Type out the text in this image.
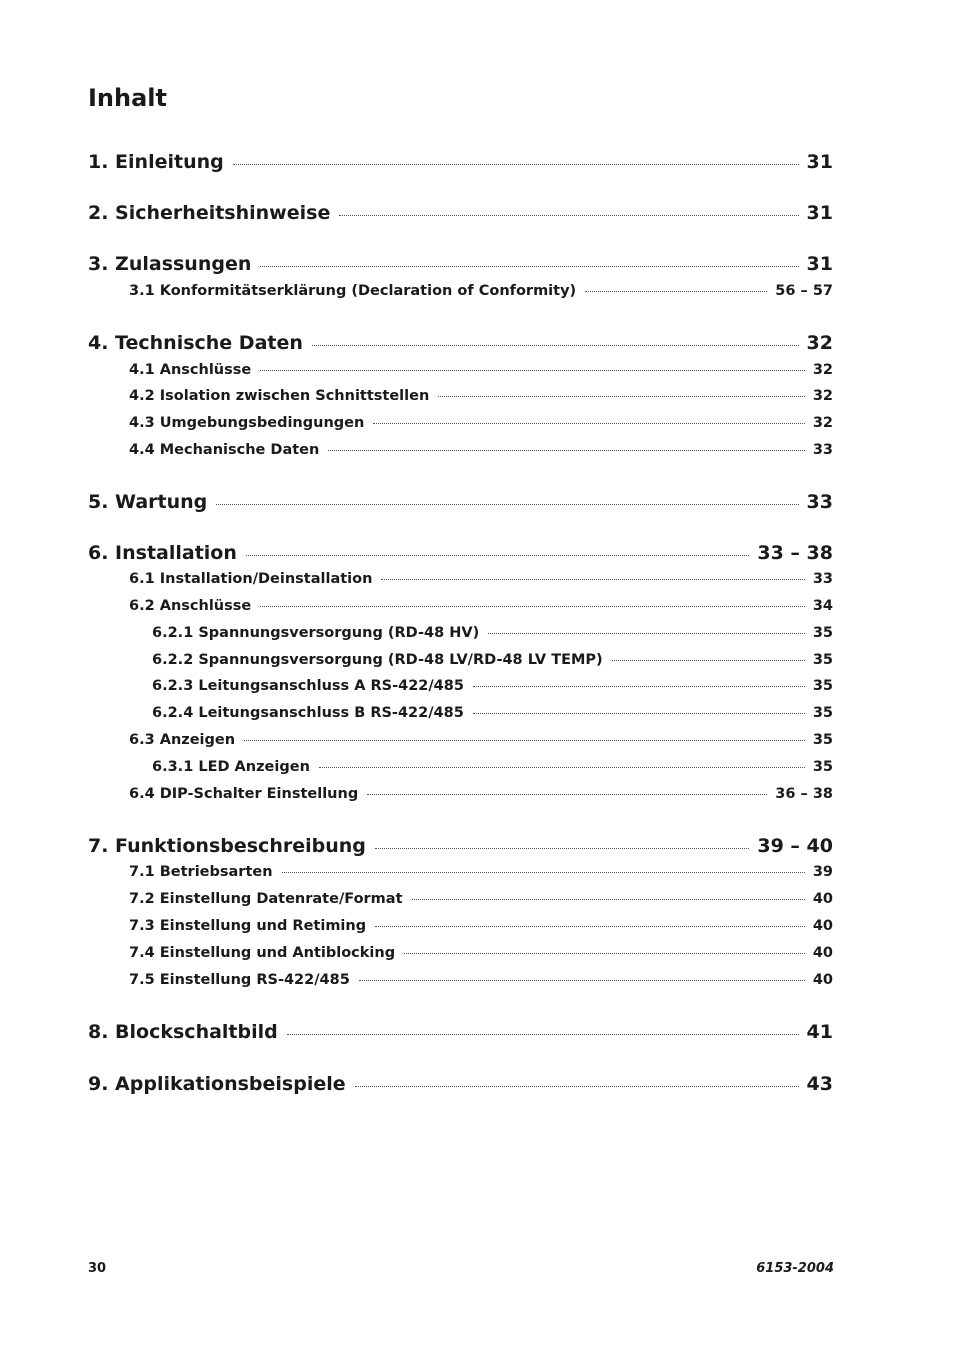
Inhalt
1. Einleitung	31
2. Sicherheitshinweise	31
3. Zulassungen	31
3.1 Konformitätserklärung (Declaration of Conformity)	56 – 57
4. Technische Daten	32
4.1 Anschlüsse	32
4.2 Isolation zwischen Schnittstellen	32
4.3 Umgebungsbedingungen	32
4.4 Mechanische Daten	33
5. Wartung	33
6. Installation	33 – 38
6.1 Installation/Deinstallation	33
6.2 Anschlüsse	34
6.2.1 Spannungsversorgung (RD-48 HV)	35
6.2.2 Spannungsversorgung (RD-48 LV/RD-48 LV TEMP)	35
6.2.3 Leitungsanschluss A RS-422/485	35
6.2.4 Leitungsanschluss B RS-422/485	35
6.3 Anzeigen	35
6.3.1 LED Anzeigen	35
6.4 DIP-Schalter Einstellung	36 – 38
7. Funktionsbeschreibung	39 – 40
7.1 Betriebsarten	39
7.2 Einstellung Datenrate/Format	40
7.3 Einstellung und Retiming	40
7.4 Einstellung und Antiblocking	40
7.5 Einstellung RS-422/485	40
8. Blockschaltbild	41
9. Applikationsbeispiele	43
30	6153-2004
